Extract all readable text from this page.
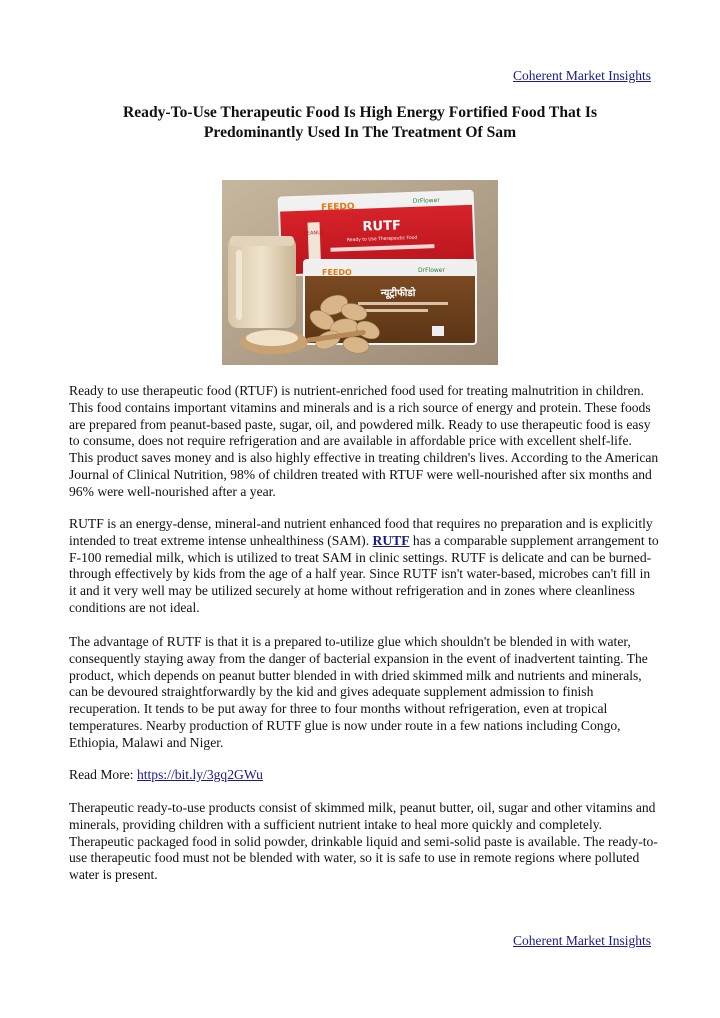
Coherent Market Insights
Ready-To-Use Therapeutic Food Is High Energy Fortified Food That Is Predominantly Used In The Treatment Of Sam
PEANUT
FEEDO
DrFlower
RUTF
Ready to Use Therapeutic Food
FEEDO	DrFlower
न्यूट्रीफीडो

Ready to use therapeutic food (RTUF) is nutrient-enriched food used for treating malnutrition in children. This food contains important vitamins and minerals and is a rich source of energy and protein. These foods are prepared from peanut-based paste, sugar, oil, and powdered milk. Ready to use therapeutic food is easy to consume, does not require refrigeration and are available in affordable price with excellent shelf-life. This product saves money and is also highly effective in treating children's lives. According to the American Journal of Clinical Nutrition, 98% of children treated with RTUF were well-nourished after six months and 96% were well-nourished after a year.

RUTF is an energy-dense, mineral-and nutrient enhanced food that requires no preparation and is explicitly intended to treat extreme intense unhealthiness (SAM). RUTF has a comparable supplement arrangement to F-100 remedial milk, which is utilized to treat SAM in clinic settings. RUTF is delicate and can be burned-through effectively by kids from the age of a half year. Since RUTF isn't water-based, microbes can't fill in it and it very well may be utilized securely at home without refrigeration and in zones where cleanliness conditions are not ideal.

The advantage of RUTF is that it is a prepared to-utilize glue which shouldn't be blended in with water, consequently staying away from the danger of bacterial expansion in the event of inadvertent tainting. The product, which depends on peanut butter blended in with dried skimmed milk and nutrients and minerals, can be devoured straightforwardly by the kid and gives adequate supplement admission to finish recuperation. It tends to be put away for three to four months without refrigeration, even at tropical temperatures. Nearby production of RUTF glue is now under route in a few nations including Congo, Ethiopia, Malawi and Niger.

Read More: https://bit.ly/3gq2GWu

Therapeutic ready-to-use products consist of skimmed milk, peanut butter, oil, sugar and other vitamins and minerals, providing children with a sufficient nutrient intake to heal more quickly and completely. Therapeutic packaged food in solid powder, drinkable liquid and semi-solid paste is available. The ready-to-use therapeutic food must not be blended with water, so it is safe to use in remote regions where polluted water is present.

Coherent Market Insights
